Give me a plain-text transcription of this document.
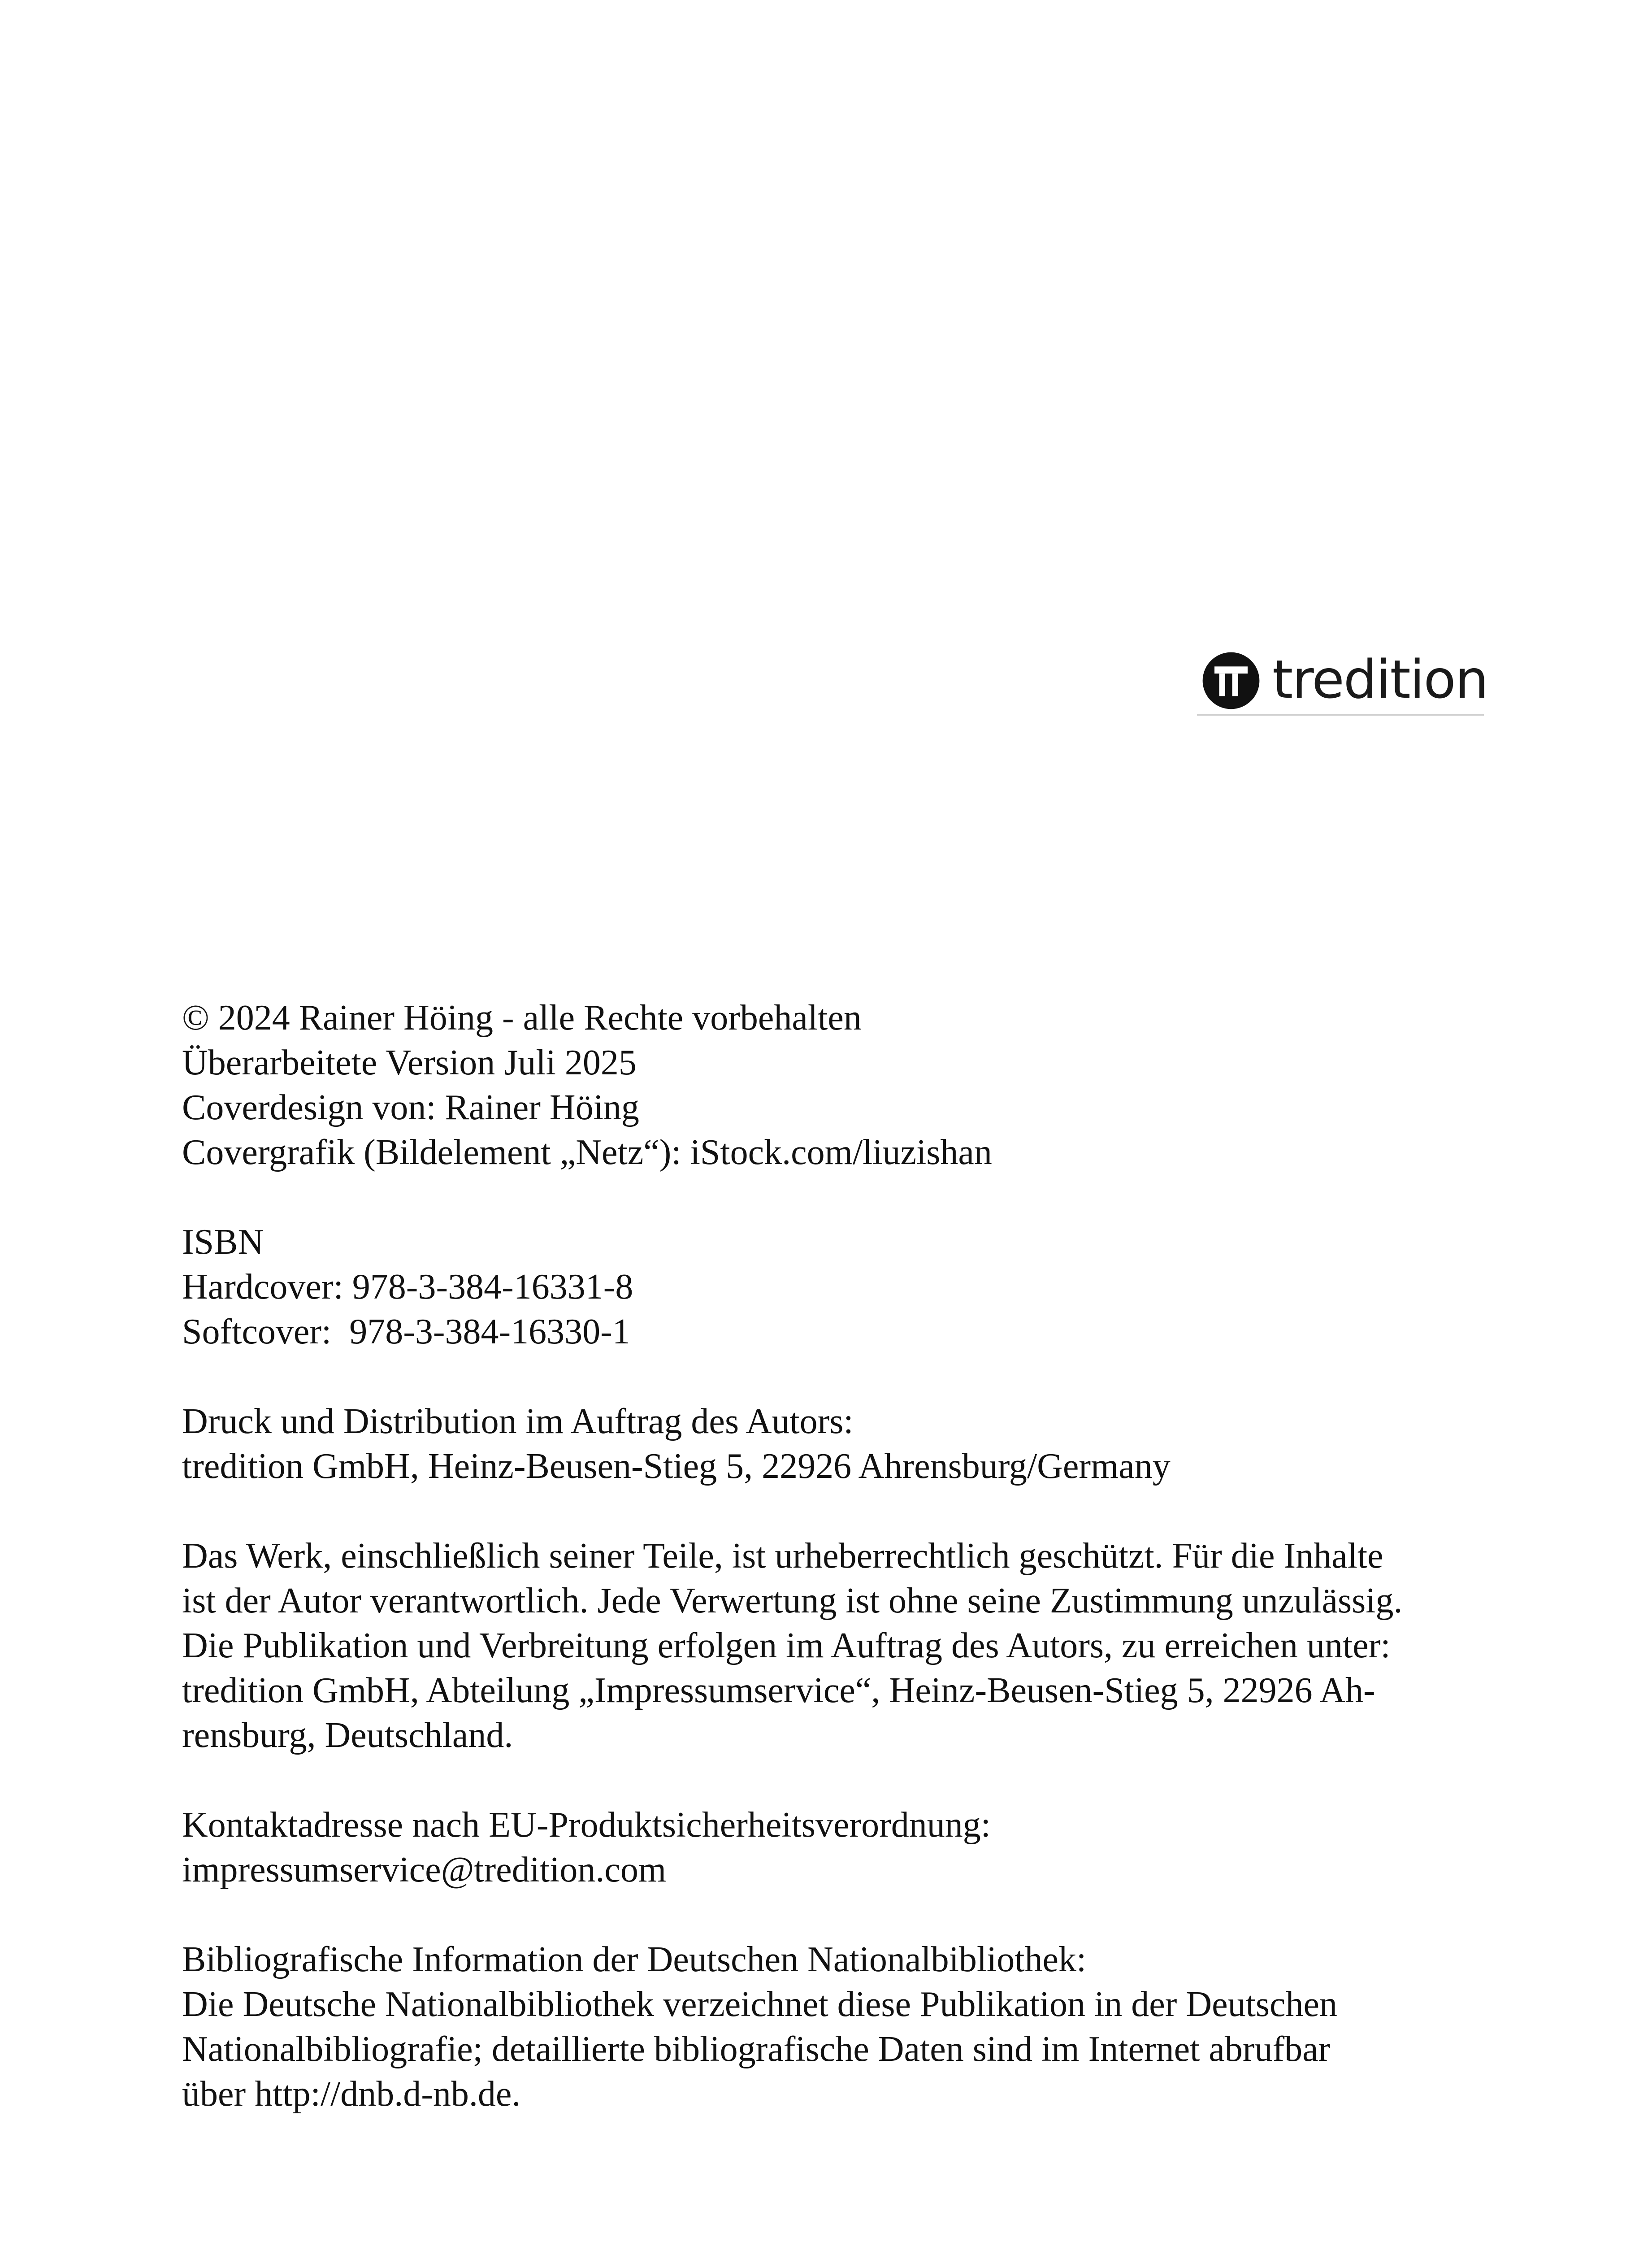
tredition
© 2024 Rainer Höing - alle Rechte vorbehalten
Überarbeitete Version Juli 2025
Coverdesign von: Rainer Höing
Covergrafik (Bildelement „Netz“): iStock.com/liuzishan
ISBN
Hardcover: 978-3-384-16331-8
Softcover:  978-3-384-16330-1
Druck und Distribution im Auftrag des Autors:
tredition GmbH, Heinz-Beusen-Stieg 5, 22926 Ahrensburg/Germany
Das Werk, einschließlich seiner Teile, ist urheberrechtlich geschützt. Für die Inhalte
ist der Autor verantwortlich. Jede Verwertung ist ohne seine Zustimmung unzulässig.
Die Publikation und Verbreitung erfolgen im Auftrag des Autors, zu erreichen unter:
tredition GmbH, Abteilung „Impressumservice“, Heinz-Beusen-Stieg 5, 22926 Ah-
rensburg, Deutschland.
Kontaktadresse nach EU-Produktsicherheitsverordnung:
impressumservice@tredition.com
Bibliografische Information der Deutschen Nationalbibliothek:
Die Deutsche Nationalbibliothek verzeichnet diese Publikation in der Deutschen
Nationalbibliografie; detaillierte bibliografische Daten sind im Internet abrufbar
über http://dnb.d-nb.de.
